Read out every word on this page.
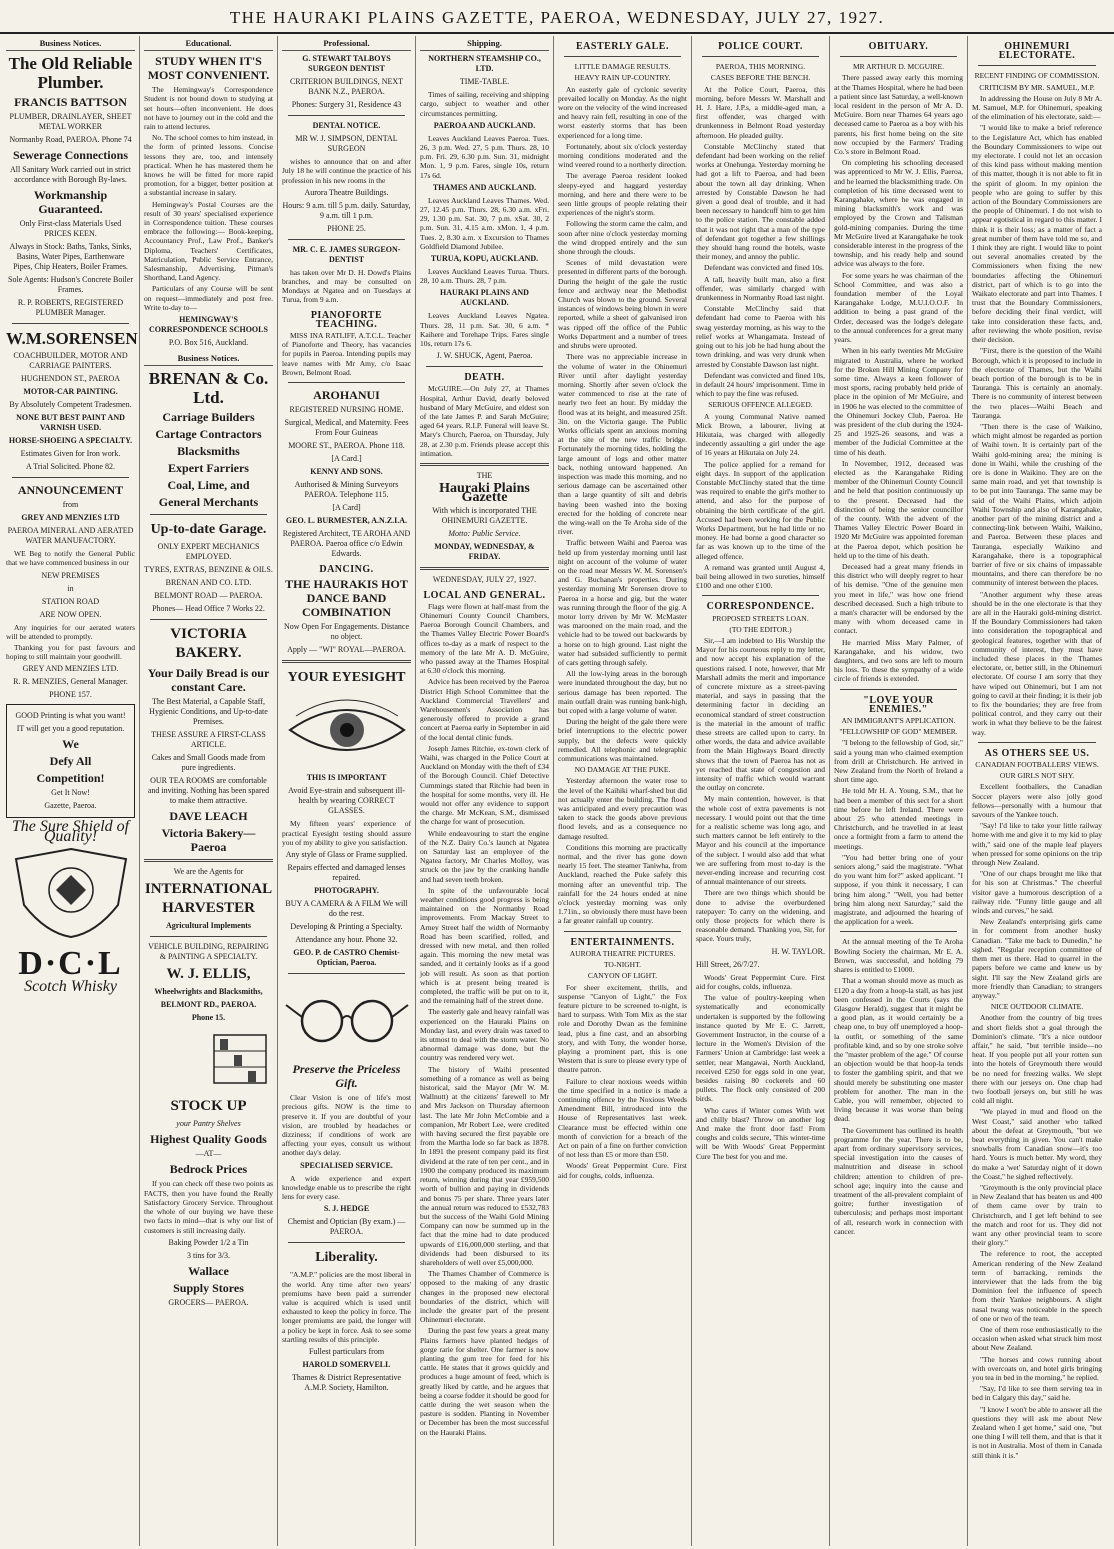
THE HAURAKI PLAINS GAZETTE, PAEROA, WEDNESDAY, JULY 27, 1927.
Business Notices.
The Old Reliable Plumber.
FRANCIS BATTSON
PLUMBER, DRAINLAYER, SHEET METAL WORKER
Normanby Road, PAEROA. Phone 74
Sewerage Connections
All Sanitary Work carried out in strict accordance with Borough By-laws.
Workmanship Guaranteed.
Only First-class Materials Used PRICES KEEN.
Always in Stock: Baths, Tanks, Sinks, Basins, Water Pipes, Earthenware Pipes, Chip Heaters, Boiler Frames.
Sole Agents: Hudson's Concrete Boiler Frames.
R. P. ROBERTS, REGISTERED PLUMBER Manager.
W.M.SORENSEN
COACHBUILDER, MOTOR AND CARRIAGE PAINTERS.
HUGHENDON ST., PAEROA
MOTOR-CAR PAINTING.
By Absolutely Competent Tradesmen.
NONE BUT BEST PAINT AND VARNISH USED.
HORSE-SHOEING A SPECIALTY.
Estimates Given for Iron work.
A Trial Solicited. Phone 82.
ANNOUNCEMENT
from
GREY AND MENZIES LTD
PAEROA MINERAL AND AERATED WATER MANUFACTORY.
WE Beg to notify the General Public that we have commenced business in our
NEW PREMISES
in
STATION ROAD
ARE NOW OPEN.
Any inquiries for our aerated waters will be attended to promptly.
Thanking you for past favours and hoping to still maintain your goodwill.
GREY AND MENZIES LTD.
R. R. MENZIES, General Manager.
PHONE 157.
GOOD Printing is what you want!
IT will get you a good reputation.
We
Defy All
Competition!
Get It Now!
Gazette, Paeroa.
The Sure Shield of Quality!
D·C·L
Scotch Whisky
Educational.
STUDY WHEN IT'S MOST CONVENIENT.
The Hemingway's Correspondence Student is not bound down to studying at set hours—often inconvenient. He does not have to journey out in the cold and the rain to attend lectures.
No. The school comes to him instead, in the form of printed lessons. Concise lessons they are, too, and intensely practical. When he has mastered them he knows he will be fitted for more rapid promotion, for a bigger, better position at a substantial increase in salary.
Hemingway's Postal Courses are the result of 30 years' specialised experience in Correspondence tuition. These courses embrace the following:— Book-keeping, Accountancy Prof., Law Prof., Banker's Diploma, Teachers' Certificates, Matriculation, Public Service Entrance, Salesmanship, Advertising, Pitman's Shorthand, Land Agency.
Particulars of any Course will be sent on request—immediately and post free. Write to-day to—
HEMINGWAY'S CORRESPONDENCE SCHOOLS
P.O. Box 516, Auckland.
Business Notices.
BRENAN & Co. Ltd.
Carriage Builders
Cartage Contractors
Blacksmiths
Expert Farriers
Coal, Lime, and
General Merchants
Up-to-date Garage.
ONLY EXPERT MECHANICS EMPLOYED.
TYRES, EXTRAS, BENZINE & OILS.
BRENAN AND CO. LTD.
BELMONT ROAD — PAEROA.
Phones— Head Office 7 Works 22.
VICTORIA BAKERY.
Your Daily Bread is our constant Care.
The Best Material, a Capable Staff, Hygienic Conditions, and Up-to-date Premises.
THESE ASSURE A FIRST-CLASS ARTICLE.
Cakes and Small Goods made from pure ingredients.
OUR TEA ROOMS are comfortable and inviting. Nothing has been spared to make them attractive.
DAVE LEACH
Victoria Bakery—Paeroa
We are the Agents for
INTERNATIONAL HARVESTER
Agricultural Implements
VEHICLE BUILDING, REPAIRING & PAINTING A SPECIALTY.
W. J. ELLIS,
Wheelwrights and Blacksmiths,
BELMONT RD., PAEROA.
Phone 15.
STOCK UP
your Pantry Shelves
Highest Quality Goods
—AT—
Bedrock Prices
If you can check off these two points as FACTS, then you have found the Really Satisfactory Grocery Service. Throughout the whole of our buying we have these two facts in mind—that is why our list of customers is still increasing daily.
Baking Powder 1/2 a Tin
3 tins for 3/3.
Wallace
Supply Stores
GROCERS— PAEROA.
Professional.
G. STEWART TALBOYS SURGEON DENTIST
CRITERION BUILDINGS, NEXT BANK N.Z., PAEROA.
Phones: Surgery 31, Residence 43
DENTAL NOTICE.
MR W. J. SIMPSON, DENTAL SURGEON
wishes to announce that on and after July 18 he will continue the practice of his profession in his new rooms in the
Aurora Theatre Buildings.
Hours: 9 a.m. till 5 p.m. daily. Saturday, 9 a.m. till 1 p.m.
PHONE 25.
MR. C. E. JAMES SURGEON-DENTIST
has taken over Mr D. H. Dowd's Plains branches, and may be consulted on Mondays at Ngatea and on Tuesdays at Turua, from 9 a.m.
PIANOFORTE TEACHING.
MISS INA RATLIFF, A.T.C.L. Teacher of Pianoforte and Theory, has vacancies for pupils in Paeroa. Intending pupils may leave names with Mr Amy, c/o Isaac Brown, Belmont Road.
AROHANUI
REGISTERED NURSING HOME.
Surgical, Medical, and Maternity. Fees From Four Guineas
MOORE ST., PAEROA. Phone 118.
[A Card.]
KENNY AND SONS.
Authorised & Mining Surveyors PAEROA. Telephone 115.
[A Card]
GEO. L. BURMESTER, A.N.Z.I.A.
Registered Architect, TE AROHA AND PAEROA. Paeroa office c/o Edwin Edwards.
DANCING.
THE HAURAKIS HOT DANCE BAND COMBINATION
Now Open For Engagements. Distance no object.
Apply — "WI" ROYAL—PAEROA.
YOUR EYESIGHT
THIS IS IMPORTANT
Avoid Eye-strain and subsequent ill-health by wearing CORRECT GLASSES.
My fifteen years' experience of practical Eyesight testing should assure you of my ability to give you satisfaction.
Any style of Glass or Frame supplied.
Repairs effected and damaged lenses repaired.
PHOTOGRAPHY.
BUY A CAMERA & A FILM We will do the rest.
Developing & Printing a Specialty.
Attendance any hour. Phone 32.
GEO. P. de CASTRO Chemist-Optician, Paeroa.
Preserve the Priceless Gift.
Clear Vision is one of life's most precious gifts. NOW is the time to preserve it. If you are doubtful of your vision, are troubled by headaches or dizziness; if conditions of work are affecting your eyes, consult us without another day's delay.
SPECIALISED SERVICE.
A wide experience and expert knowledge enable us to prescribe the right lens for every case.
S. J. HEDGE
Chemist and Optician (By exam.) — PAEROA.
Liberality.
"A.M.P." policies are the most liberal in the world. Any time after two years' premiums have been paid a surrender value is acquired which is used until exhausted to keep the policy in force. The longer premiums are paid, the longer will a policy be kept in force. Ask to see some startling results of this principle.
Fullest particulars from
HAROLD SOMERVELL
Thames & District Representative A.M.P. Society, Hamilton.
Shipping.
NORTHERN STEAMSHIP CO., LTD.
TIME-TABLE.
Times of sailing, receiving and shipping cargo, subject to weather and other circumstances permitting.
PAEROA AND AUCKLAND.
Leaves Auckland Leaves Paeroa. Tues. 26, 3 p.m. Wed. 27, 5 p.m. Thurs. 28, 10 p.m. Fri. 29, 6.30 p.m. Sun. 31, midnight Mon. 1, 9 p.m. Fares, single 10s, return 17s 6d.
THAMES AND AUCKLAND.
Leaves Auckland Leaves Thames. Wed. 27, 12.45 p.m. Thurs. 28, 6.30 a.m. xFri. 29, 1.30 p.m. Sat. 30, 7 p.m. xSat. 30, 2 p.m. Sun. 31, 4.15 a.m. xMon. 1, 4 p.m. Tues. 2, 8.30 a.m. x Excursion to Thames Goldfield Diamond Jubilee.
TURUA, KOPU, AUCKLAND.
Leaves Auckland Leaves Turua. Thurs. 28, 10 a.m. Thurs. 28, 7 p.m.
HAURAKI PLAINS AND AUCKLAND.
Leaves Auckland Leaves Ngatea. Thurs. 28, 11 p.m. Sat. 30, 6 a.m. * Kaihere and Torehape Trips. Fares single 10s, return 17s 6.
J. W. SHUCK, Agent, Paeroa.
DEATH.
McGUIRE.—On July 27, at Thames Hospital, Arthur David, dearly beloved husband of Mary McGuire, and eldest son of the late James P. and Sarah McGuire; aged 64 years. R.I.P. Funeral will leave St. Mary's Church, Paeroa, on Thursday, July 28, at 2.30 p.m. Friends please accept this intimation.
THE
Hauraki Plains Gazette
With which is incorporated THE OHINEMURI GAZETTE.
Motto: Public Service.
MONDAY, WEDNESDAY, & FRIDAY.
WEDNESDAY, JULY 27, 1927.
LOCAL AND GENERAL.
Flags were flown at half-mast from the Ohinemuri County Council Chambers, Paeroa Borough Council Chambers, and the Thames Valley Electric Power Board's offices to-day as a mark of respect to the memory of the late Mr A. D. McGuire, who passed away at the Thames Hospital at 6.30 o'clock this morning.
Advice has been received by the Paeroa District High School Committee that the Auckland Commercial Travellers' and Warehousemen's Association has generously offered to provide a grand concert at Paeroa early in September in aid of the local dental clinic funds.
Joseph James Ritchie, ex-town clerk of Waihi, was charged in the Police Court at Auckland on Monday with the theft of £34 of the Borough Council. Chief Detective Cummings stated that Ritchie had been in the hospital for some months, very ill. He would not offer any evidence to support the charge. Mr McKean, S.M., dismissed the charge for want of prosecution.
While endeavouring to start the engine of the N.Z. Dairy Co.'s launch at Ngatea on Saturday last an employee of the Ngatea factory, Mr Charles Molloy, was struck on the jaw by the cranking handle and had seven teeth broken.
In spite of the unfavourable local weather conditions good progress is being maintained on the Normanby Road improvements. From Mackay Street to Arney Street half the width of Normanby Road has been scarified, rolled, and dressed with new metal, and then rolled again. This morning the new metal was sanded, and it certainly looks as if a good job will result. As soon as that portion which is at present being treated is completed, the traffic will be put on to it, and the remaining half of the street done.
The easterly gale and heavy rainfall was experienced on the Hauraki Plains on Monday last, and every drain was taxed to its utmost to deal with the storm water. No abnormal damage was done, but the country was rendered very wet.
The history of Waihi presented something of a romance as well as being historical, said the Mayor (Mr W. M. Wallnutt) at the citizens' farewell to Mr and Mrs Jackson on Thursday afternoon last. The late Mr John McCombie and a companion, Mr Robert Lee, were credited with having secured the first payable ore from the Martha lode so far back as 1878. In 1891 the present company paid its first dividend at the rate of ten per cent., and in 1900 the company produced its maximum return, winning during that year £959,500 worth of bullion and paying in dividends and bonus 75 per share. Three years later the annual return was reduced to £532,783 but the success of the Waihi Gold Mining Company can now be summed up in the fact that the mine had to date produced upwards of £16,000,000 sterling, and that dividends had been disbursed to its shareholders of well over £5,000,000.
The Thames Chamber of Commerce is opposed to the making of any drastic changes in the proposed new electoral boundaries of the district, which will include the greater part of the present Ohinemuri electorate.
During the past few years a great many Plains farmers have planted hedges of gorge rarie for shelter. One farmer is now planting the gum tree for feed for his cattle. He states that it grows quickly and produces a huge amount of feed, which is greatly liked by cattle, and he argues that being a coarse fodder it should be good for cattle during the wet season when the pasture is sodden. Planting in November or December has been the most successful on the Hauraki Plains.
EASTERLY GALE.
LITTLE DAMAGE RESULTS.
HEAVY RAIN UP-COUNTRY.
An easterly gale of cyclonic severity prevailed locally on Monday. As the night wore on the velocity of the wind increased and heavy rain fell, resulting in one of the worst easterly storms that has been experienced for a long time.
Fortunately, about six o'clock yesterday morning conditions moderated and the wind veered round to a northerly direction.
The average Paeroa resident looked sleepy-eyed and haggard yesterday morning, and here and there were to be seen little groups of people relating their experiences of the night's storm.
Following the storm came the calm, and soon after nine o'clock yesterday morning the wind dropped entirely and the sun shone through the clouds.
Scenes of mild devastation were presented in different parts of the borough. During the height of the gale the rustic fence and archway near the Methodist Church was blown to the ground. Several instances of windows being blown in were reported, while a sheet of galvanised iron was ripped off the office of the Public Works Department and a number of trees and shrubs were uprooted.
There was no appreciable increase in the volume of water in the Ohinemuri River until after daylight yesterday morning. Shortly after seven o'clock the water commenced to rise at the rate of nearly two feet an hour. By midday the flood was at its height, and measured 25ft. 3in. on the Victoria gauge. The Public Works officials spent an anxious morning at the site of the new traffic bridge. Fortunately the morning tides, holding the large amount of logs and other matter back, nothing untoward happened. An inspection was made this morning, and no serious damage can be ascertained other than a large quantity of silt and debris having been washed into the boxing erected for the holding of concrete near the wing-wall on the Te Aroha side of the river.
Traffic between Waihi and Paeroa was held up from yesterday morning until last night on account of the volume of water on the road near Messrs W. M. Sorensen's and G. Buchanan's properties. During yesterday morning Mr Sorensen drove to Paeroa in a horse and gig, but the water was running through the floor of the gig. A motor lorry driven by Mr W. McMaster was marooned on the main road, and the vehicle had to be towed out backwards by a horse on to high ground. Last night the water had subsided sufficiently to permit of cars getting through safely.
All the low-lying areas in the borough were inundated throughout the day, but no serious damage has been reported. The main outfall drain was running bank-high, but coped with a large volume of water.
During the height of the gale there were brief interruptions to the electric power supply, but the defects were quickly remedied. All telephonic and telegraphic communications was maintained.
NO DAMAGE AT THE PUKE.
Yesterday afternoon the water rose to the level of the Kaihiki wharf-shed but did not actually enter the building. The flood was anticipated and every precaution was taken to stack the goods above previous flood levels, and as a consequence no damage resulted.
Conditions this morning are practically normal, and the river has gone down nearly 15 feet. The steamer Taniwha, from Auckland, reached the Puke safely this morning after an uneventful trip. The rainfall for the 24 hours ended at nine o'clock yesterday morning was only 1.71in., so obviously there must have been a far greater rainfall up country.
ENTERTAINMENTS.
AURORA THEATRE PICTURES.
TO-NIGHT.
CANYON OF LIGHT.
For sheer excitement, thrills, and suspense "Canyon of Light," the Fox feature picture to be screened to-night, is hard to surpass. With Tom Mix as the star role and Dorothy Dwan as the feminine lead, plus a fine cast, and an absorbing story, and with Tony, the wonder horse, playing a prominent part, this is one Western that is sure to please every type of theatre patron.
Failure to clear noxious weeds within the time specified in a notice is made a continuing offence by the Noxious Weeds Amendment Bill, introduced into the House of Representatives last week. Clearance must be effected within one month of conviction for a breach of the Act on pain of a fine on further conviction of not less than £5 or more than £50.
Woods' Great Peppermint Cure. First aid for coughs, colds, influenza.
POLICE COURT.
PAEROA, THIS MORNING.
CASES BEFORE THE BENCH.
At the Police Court, Paeroa, this morning, before Messrs W. Marshall and H. J. Hare, J.P.s, a middle-aged man, a first offender, was charged with drunkenness in Belmont Road yesterday afternoon. He pleaded guilty.
Constable McClinchy stated that defendant had been working on the relief works at Onehunga. Yesterday morning he had got a lift to Paeroa, and had been about the town all day drinking. When arrested by Constable Dawson he had given a good deal of trouble, and it had been necessary to handcuff him to get him to the police station. The constable added that it was not right that a man of the type of defendant got together a few shillings they should hang round the hotels, waste their money, and annoy the public.
Defendant was convicted and fined 10s.
A tall, heavily built man, also a first offender, was similarly charged with drunkenness in Normanby Road last night.
Constable McClinchy said that defendant had come to Paeroa with his swag yesterday morning, as his way to the relief works at Whangamata. Instead of going out to his job he had hung about the town drinking, and was very drunk when arrested by Constable Dawson last night.
Defendant was convicted and fined 10s, in default 24 hours' imprisonment. Time in which to pay the fine was refused.
SERIOUS OFFENCE ALLEGED.
A young Communal Native named Mick Brown, a labourer, living at Hikutaia, was charged with allegedly indecently assaulting a girl under the age of 16 years at Hikutaia on July 24.
The police applied for a remand for eight days. In support of the application Constable McClinchy stated that the time was required to enable the girl's mother to attend, and also for the purpose of obtaining the birth certificate of the girl. Accused had been working for the Public Works Department, but he had little or no money. He had borne a good character so far as was known up to the time of the alleged offence.
A remand was granted until August 4, bail being allowed in two sureties, himself £100 and one other £100.
CORRESPONDENCE.
PROPOSED STREETS LOAN.
(TO THE EDITOR.)
Sir,—I am indebted to His Worship the Mayor for his courteous reply to my letter, and now accept his explanation of the questions raised. I note, however, that Mr Marshall admits the merit and importance of concrete mixture as a street-paving material, and says in passing that the determining factor in deciding an economical standard of street construction is the material in the amount of traffic these streets are called upon to carry. In other words, the data and advice available from the Main Highways Board directly shows that the town of Paeroa has not as yet reached that state of congestion and intensity of traffic which would warrant the outlay on concrete.
My main contention, however, is that the whole cost of extra pavements is not necessary. I would point out that the time for a realistic scheme was long ago, and such matters cannot be left entirely to the Mayor and his council at the importance of the subject. I would also add that what we are suffering from most to-day is the never-ending increase and recurring cost of annual maintenance of our streets.
There are two things which should be done to advise the overburdened ratepayer: To carry on the widening, and only those projects for which there is reasonable demand. Thanking you, Sir, for space. Yours truly,
H. W. TAYLOR.
Hill Street, 26/7/27.
Woods' Great Peppermint Cure. First aid for coughs, colds, influenza.
The value of poultry-keeping when systematically and economically undertaken is supported by the following instance quoted by Mr E. C. Jarrett, Government Instructor, in the course of a lecture in the Women's Division of the Farmers' Union at Cambridge: last week a settler, near Mangawai, North Auckland, received £250 for eggs sold in one year, besides raising 80 cockerels and 60 pullets. The flock only consisted of 200 birds.
Who cares if Winter comes With wet and chilly blast? Throw on another log And make the front door fast! From coughs and colds secure, 'This winter-time will be With Woods' Great Peppermint Cure The best for you and me.
OBITUARY.
MR ARTHUR D. MCGUIRE.
There passed away early this morning at the Thames Hospital, where he had been a patient since last Saturday, a well-known local resident in the person of Mr A. D. McGuire. Born near Thames 64 years ago deceased came to Paeroa as a boy with his parents, his first home being on the site now occupied by the Farmers' Trading Co.'s store in Belmont Road.
On completing his schooling deceased was apprenticed to Mr W. J. Ellis, Paeroa, and he learned the blacksmithing trade. On completion of his time deceased went to Karangahake, where he was engaged in mining blacksmith's work and was employed by the Crown and Talisman gold-mining companies. During the time Mr McGuire lived at Karangahake he took considerable interest in the progress of the township, and his ready help and sound advice was always to the fore.
For some years he was chairman of the School Committee, and was also a foundation member of the Loyal Karangahake Lodge, M.U.I.O.O.F. In addition to being a past grand of the Order, deceased was the lodge's delegate to the annual conferences for a great many years.
When in his early twenties Mr McGuire migrated to Australia, where he worked for the Broken Hill Mining Company for some time. Always a keen follower of most sports, racing probably held pride of place in the opinion of Mr McGuire, and in 1906 he was elected to the committee of the Ohinemuri Jockey Club, Paeroa. He was president of the club during the 1924-25 and 1925-26 seasons, and was a member of the Judicial Committee at the time of his death.
In November, 1912, deceased was elected as the Karangahake Riding member of the Ohinemuri County Council and he held that position continuously up to the present. Deceased had the distinction of being the senior councillor of the county. With the advent of the Thames Valley Electric Power Board in 1920 Mr McGuire was appointed foreman at the Paeroa depot, which position he held up to the time of his death.
Deceased had a great many friends in this district who will deeply regret to hear of his demise. "One of the genuine men you meet in life," was how one friend described deceased. Such a high tribute to a man's character will be endorsed by the many with whom deceased came in contact.
He married Miss Mary Palmer, of Karangahake, and his widow, two daughters, and two sons are left to mourn his loss. To these the sympathy of a wide circle of friends is extended.
"LOVE YOUR ENEMIES."
AN IMMIGRANT'S APPLICATION.
"FELLOWSHIP OF GOD" MEMBER.
"I belong to the fellowship of God, sir," said a young man who claimed exemption from drill at Christchurch. He arrived in New Zealand from the North of Ireland a short time ago.
He told Mr H. A. Young, S.M., that he had been a member of this sect for a short time before he left Ireland. There were about 25 who attended meetings in Christchurch, and he travelled in at least once a fortnight from a farm to attend the meetings.
"You had better bring one of your seniors along," said the magistrate. "What do you want him for?" asked applicant. "I suppose, if you think it necessary, I can bring him along." "Well, you had better bring him along next Saturday," said the magistrate, and adjourned the hearing of the application for a week.
At the annual meeting of the Te Aroha Bowling Society the chairman, Mr E. A. Brown, was successful, and holding 79 shares is entitled to £1000.
That a woman should move as much as £120 a day from a hoop-la stall, as has just been confessed in the Courts (says the Glasgow Herald), suggest that it might be a good plan, as it would certainly be a cheap one, to buy off unemployed a hoop-la outfit, or something of the same profitable kind, and so by one stroke solve the "master problem of the age." Of course an objection would be that hoop-la tends to foster the gambling spirit, and that we should merely be substituting one master problem for another. The man in the Cable, you will remember, objected to living because it was worse than being dead.
The Government has outlined its health programme for the year. There is to be, apart from ordinary supervisory services, special investigation into the causes of malnutrition and disease in school children; attention to children of pre-school age; inquiry into the cause and treatment of the all-prevalent complaint of goitre; further investigation of tuberculosis; and perhaps most important of all, research work in connection with cancer.
OHINEMURI ELECTORATE.
RECENT FINDING OF COMMISSION.
CRITICISM BY MR. SAMUEL, M.P.
In addressing the House on July 8 Mr A. M. Samuel, M.P. for Ohinemuri, speaking of the elimination of his electorate, said:—
"I would like to make a brief reference to the Legislature Act, which has enabled the Boundary Commissioners to wipe out my electorate. I could not let an occasion of this kind pass without making mention of this matter, though it is not able to fit in the spirit of gloom. In my opinion the people who are going to suffer by this action of the Boundary Commissioners are the people of Ohinemuri. I do not wish to appear egotistical in regard to this matter. I think it is their loss; as a matter of fact a great number of them have told me so, and I think they are right. I would like to point out several anomalies created by the Commissioners when fixing the new boundaries affecting the Ohinemuri district, part of which is to go into the Waikato electorate and part into Thames. I trust that the Boundary Commissioners, before deciding their final verdict, will take into consideration these facts, and, after reviewing the whole position, revise their decision.
"First, there is the question of the Waihi Borough, which it is proposed to include in the electorate of Thames, but the Waihi beach portion of the borough is to be in Tauranga. This is certainly an anomaly. There is no community of interest between the two places—Waihi Beach and Tauranga.
"Then there is the case of Waikino, which might almost be regarded as portion of Waihi town. It is certainly part of the Waihi gold-mining area; the mining is done in Waihi, while the crushing of the ore is done in Waikino. They are on the same main road, and yet that township is to be put into Tauranga. The same may be said of the Waihi Plains, which adjoin Waihi Township and also of Karangahake, another part of the mining district and a connecting-link between Waihi, Waikino, and Paeroa. Between these places and Tauranga, especially Waikino and Karangahake, there is a topographical barrier of five or six chains of impassable mountains, and there can therefore be no community of interest between the places.
"Another argument why these areas should be in the one electorate is that they are all in the Hauraki gold-mining district. If the Boundary Commissioners had taken into consideration the topographical and geological features, together with that of community of interest, they must have included these places in the Thames electorate, or, better still, in the Ohinemuri electorate. Of course I am sorry that they have wiped out Ohinemuri, but I am not going to cavil at their finding; it is their job to fix the boundaries; they are free from political control, and they carry out their work in what they believe to be the fairest way.
AS OTHERS SEE US.
CANADIAN FOOTBALLERS' VIEWS.
OUR GIRLS NOT SHY.
Excellent footballers, the Canadian Soccer players were also jolly good fellows—personally with a humour that savours of the Yankee touch.
"Say! I'd like to take your little railway home with me and give it to my kid to play with," said one of the maple leaf players when pressed for some opinions on the trip through New Zealand.
"One of our chaps brought me like that for his son at Christmas." The cheerful visitor gave a humorous description of a railway ride. "Funny little gauge and all winds and curves," he said.
New Zealand's enterprising girls came in for comment from another husky Canadian. "Take me back to Dunedin," he sighed. "Regular reception committee of them met us there. Had to quarrel in the papers before we came and knew us by sight. I'll say the New Zealand girls are more friendly than Canadian; to strangers anyway."
NICE OUTDOOR CLIMATE.
Another from the country of big trees and short fields shot a goal through the Dominion's climate. "It's a nice outdoor affair," he said, "but terrible inside—no heat. If you people put all your rotten sun into the hotels of Greymouth there would be no need for freezing walks. We slept there with our jerseys on. One chap had two football jerseys on, but still he was cold all night.
"We played in mud and flood on the West Coast," said another who talked about the defeat at Greymouth, "but we beat everything in given. You can't make snowballs from Canadian snow—it's too hard. Yours is much better. My word, they do make a 'wet' Saturday night of it down the Coast," he sighed reflectively.
"Greymouth is the only provincial place in New Zealand that has beaten us and 400 of them came over by train to Christchurch, and I get left behind to see the match and root for us. They did not want any other provincial team to score their glory."
The reference to root, the accepted American rendering of the New Zealand term of barracking, reminds the interviewer that the lads from the big Dominion feel the influence of speech from their Yankee neighbours. A slight nasal twang was noticeable in the speech of one or two of the team.
One of them rose enthusiastically to the occasion when asked what struck him most about New Zealand.
"The horses and cows running about with overcoats on, and hotel girls bringing you tea in bed in the morning," he replied.
"Say, I'd like to see them serving tea in bed in Calgary this day," said he.
"I know I won't be able to answer all the questions they will ask me about New Zealand when I get home," said one, "but one thing I will tell them, and that is that it is not in Australia. Most of them in Canada still think it is."
